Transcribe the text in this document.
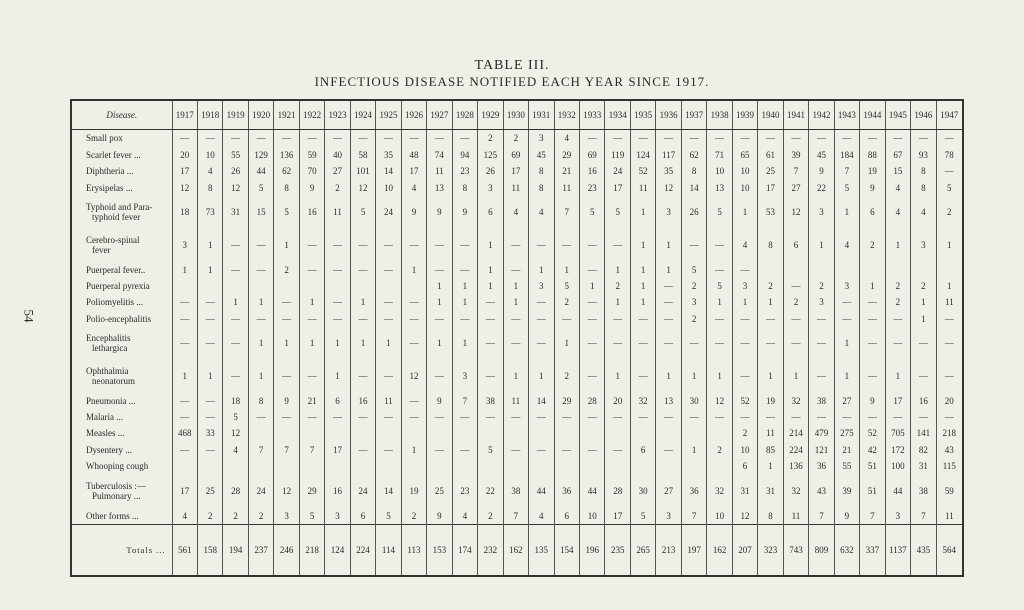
54
TABLE III.
INFECTIOUS DISEASE NOTIFIED EACH YEAR SINCE 1917.
Disease.	1917	1918	1919	1920	1921	1922	1923	1924	1925	1926	1927	1928	1929	1930	1931	1932	1933	1934	1935	1936	1937	1938	1939	1940	1941	1942	1943	1944	1945	1946	1947
Small pox	—	—	—	—	—	—	—	—	—	—	—	—	2	2	3	4	—	—	—	—	—	—	—	—	—	—	—	—	—	—	—
Scarlet fever ...	20	10	55	129	136	59	40	58	35	48	74	94	125	69	45	29	69	119	124	117	62	71	65	61	39	45	184	88	67	93	78
Diphtheria ...	17	4	26	44	62	70	27	101	14	17	11	23	26	17	8	21	16	24	52	35	8	10	10	25	7	9	7	19	15	8	—
Erysipelas ...	12	8	12	5	8	9	2	12	10	4	13	8	3	11	8	11	23	17	11	12	14	13	10	17	27	22	5	9	4	8	5
Typhoid and Para-
typhoid fever	18	73	31	15	5	16	11	5	24	9	9	9	6	4	4	7	5	5	1	3	26	5	1	53	12	3	1	6	4	4	2
Cerebro-spinal
fever	3	1	—	—	1	—	—	—	—	—	—	—	1	—	—	—	—	—	1	1	—	—	4	8	6	1	4	2	1	3	1
Puerperal fever..	1	1	—	—	2	—	—	—	—	1	—	—	1	—	1	1	—	1	1	1	5	—	—								
Puerperal pyrexia											1	1	1	1	3	5	1	2	1	—	2	5	3	2	—	2	3	1	2	2	1
Poliomyelitis ...	—	—	1	1	—	1	—	1	—	—	1	1	—	1	—	2	—	1	1	—	3	1	1	1	2	3	—	—	2	1	11
Polio-encephalitis	—	—	—	—	—	—	—	—	—	—	—	—	—	—	—	—	—	—	—	—	2	—	—	—	—	—	—	—	—	1	—
Encephalitis
lethargica	—	—	—	1	1	1	1	1	1	—	1	1	—	—	—	1	—	—	—	—	—	—	—	—	—	—	1	—	—	—	—
Ophthalmia
neonatorum	1	1	—	1	—	—	1	—	—	12	—	3	—	1	1	2	—	1	—	1	1	1	—	1	1	—	1	—	1	—	—
Pneumonia ...	—	—	18	8	9	21	6	16	11	—	9	7	38	11	14	29	28	20	32	13	30	12	52	19	32	38	27	9	17	16	20
Malaria ...	—	—	5	—	—	—	—	—	—	—	—	—	—	—	—	—	—	—	—	—	—	—	—	—	—	—	—	—	—	—	—
Measles ...	468	33	12																				2	11	214	479	275	52	705	141	218
Dysentery ...	—	—	4	7	7	7	17	—	—	1	—	—	5	—	—	—	—	—	6	—	1	2	10	85	224	121	21	42	172	82	43
Whooping cough																							6	1	136	36	55	51	100	31	115
Tuberculosis :—
Pulmonary ...	17	25	28	24	12	29	16	24	14	19	25	23	22	38	44	36	44	28	30	27	36	32	31	31	32	43	39	51	44	38	59
Other forms ...	4	2	2	2	3	5	3	6	5	2	9	4	2	7	4	6	10	17	5	3	7	10	12	8	11	7	9	7	3	7	11
Totals ...	561	158	194	237	246	218	124	224	114	113	153	174	232	162	135	154	196	235	265	213	197	162	207	323	743	809	632	337	1137	435	564
